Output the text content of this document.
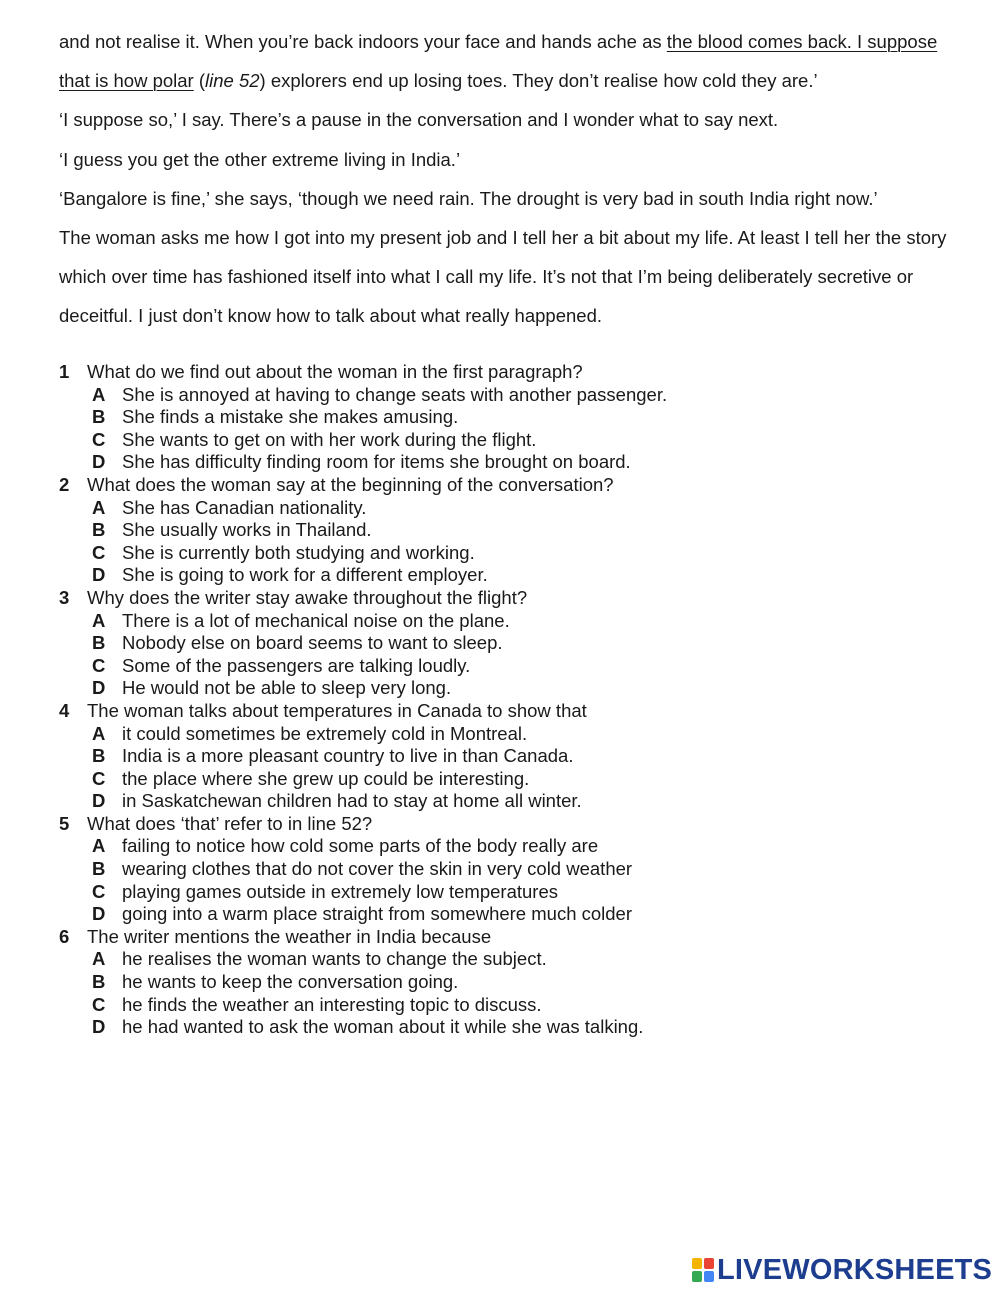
and not realise it. When you’re back indoors your face and hands ache as the blood comes back. I suppose that is how polar (line 52) explorers end up losing toes. They don’t realise how cold they are.’

‘I suppose so,’ I say. There’s a pause in the conversation and I wonder what to say next.

‘I guess you get the other extreme living in India.’

‘Bangalore is fine,’ she says, ‘though we need rain. The drought is very bad in south India right now.’

The woman asks me how I got into my present job and I tell her a bit about my life. At least I tell her the story which over time has fashioned itself into what I call my life. It’s not that I’m being deliberately secretive or deceitful. I just don’t know how to talk about what really happened.

1 What do we find out about the woman in the first paragraph?
A She is annoyed at having to change seats with another passenger.
B She finds a mistake she makes amusing.
C She wants to get on with her work during the flight.
D She has difficulty finding room for items she brought on board.
2 What does the woman say at the beginning of the conversation?
A She has Canadian nationality.
B She usually works in Thailand.
C She is currently both studying and working.
D She is going to work for a different employer.
3 Why does the writer stay awake throughout the flight?
A There is a lot of mechanical noise on the plane.
B Nobody else on board seems to want to sleep.
C Some of the passengers are talking loudly.
D He would not be able to sleep very long.
4 The woman talks about temperatures in Canada to show that
A it could sometimes be extremely cold in Montreal.
B India is a more pleasant country to live in than Canada.
C the place where she grew up could be interesting.
D in Saskatchewan children had to stay at home all winter.
5 What does ‘that’ refer to in line 52?
A failing to notice how cold some parts of the body really are
B wearing clothes that do not cover the skin in very cold weather
C playing games outside in extremely low temperatures
D going into a warm place straight from somewhere much colder
6 The writer mentions the weather in India because
A he realises the woman wants to change the subject.
B he wants to keep the conversation going.
C he finds the weather an interesting topic to discuss.
D he had wanted to ask the woman about it while she was talking.
LIVEWORKSHEETS
